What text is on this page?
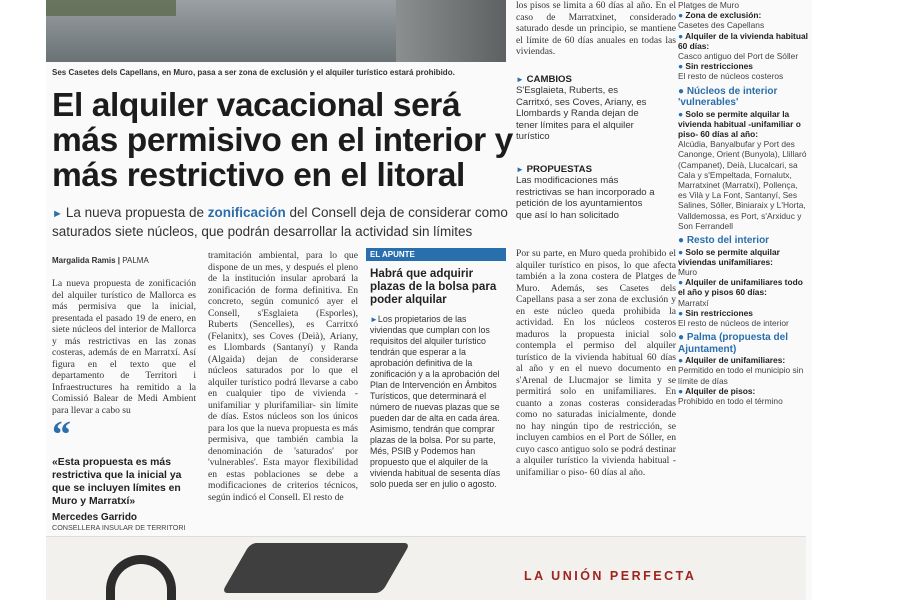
Ses Casetes dels Capellans, en Muro, pasa a ser zona de exclusión y el alquiler turístico estará prohibido.
El alquiler vacacional será más permisivo en el interior y más restrictivo en el litoral
► La nueva propuesta de zonificación del Consell deja de considerar como saturados siete núcleos, que podrán desarrollar la actividad sin límites
Margalida Ramis | PALMA
La nueva propuesta de zonificación del alquiler turístico de Mallorca es más permisiva que la inicial, presentada el pasado 19 de enero, en siete núcleos del interior de Mallorca y más restrictivas en las zonas costeras, además de en Marratxí. Así figura en el texto que el departamento de Territori i Infraestructures ha remitido a la Comissió Balear de Medi Ambient para llevar a cabo su
“
«Esta propuesta es más restrictiva que la inicial ya que se incluyen límites en Muro y Marratxí»
Mercedes Garrido
CONSELLERA INSULAR DE TERRITORI
tramitación ambiental, para lo que dispone de un mes, y después el pleno de la institución insular aprobará la zonificación de forma definitiva. En concreto, según comunicó ayer el Consell, s'Esglaieta (Esporles), Ruberts (Sencelles), es Carritxó (Felanitx), ses Coves (Deià), Ariany, es Llombards (Santanyí) y Randa (Algaida) dejan de considerarse núcleos saturados por lo que el alquiler turístico podrá llevarse a cabo en cualquier tipo de vivienda -unifamiliar y plurifamiliar- sin límite de días. Estos núcleos son los únicos para los que la nueva propuesta es más permisiva, que también cambia la denominación de 'saturados' por 'vulnerables'. Esta mayor flexibilidad en estas poblaciones se debe a modificaciones de criterios técnicos, según indicó el Consell. El resto de
EL APUNTE
Habrá que adquirir plazas de la bolsa para poder alquilar
►Los propietarios de las viviendas que cumplan con los requisitos del alquiler turístico tendrán que esperar a la aprobación definitiva de la zonificación y a la aprobación del Plan de Intervención en Ámbitos Turísticos, que determinará el número de nuevas plazas que se pueden dar de alta en cada área. Asimismo, tendrán que comprar plazas de la bolsa. Por su parte, Més, PSIB y Podemos han propuesto que el alquiler de la vivienda habitual de sesenta días solo pueda ser en julio o agosto.
los pisos se limita a 60 días al año. En el caso de Marratxinet, considerado saturado desde un principio, se mantiene el límite de 60 días anuales en todas las viviendas.
► CAMBIOS
S'Esglaieta, Ruberts, es Carritxó, ses Coves, Ariany, es Llombards y Randa dejan de tener límites para el alquiler turístico
► PROPUESTAS
Las modificaciones más restrictivas se han incorporado a petición de los ayuntamientos que así lo han solicitado
Por su parte, en Muro queda prohibido el alquiler turístico en pisos, lo que afecta también a la zona costera de Platges de Muro. Además, ses Casetes dels Capellans pasa a ser zona de exclusión y en este núcleo queda prohibida la actividad. En los núcleos costeros maduros la propuesta inicial solo contempla el permiso del alquiler turístico de la vivienda habitual 60 días al año y en el nuevo documento en s'Arenal de Llucmajor se limita y se permitirá solo en unifamiliares. En cuanto a zonas costeras consideradas como no saturadas inicialmente, donde no hay ningún tipo de restricción, se incluyen cambios en el Port de Sóller, en cuyo casco antiguo solo se podrá destinar a alquiler turístico la vivienda habitual -unifamiliar o piso- 60 días al año.
Platges de Muro
● Zona de exclusión:
Casetes des Capellans
● Alquiler de la vivienda habitual 60 días:
Casco antiguo del Port de Sóller
● Sin restricciones
El resto de núcleos costeros
● Núcleos de interior 'vulnerables'
● Solo se permite alquilar la vivienda habitual -unifamiliar o piso- 60 días al año:
Alcúdia, Banyalbufar y Port des Canonge, Orient (Bunyola), Llillaró (Campanet), Deià, Llucalcari, sa Cala y s'Empeltada, Fornalutx, Marratxinet (Marratxí), Pollença, es Vilà y La Font, Santanyí, Ses Salines, Sóller, Biniaraix y L'Horta, Valldemossa, es Port, s'Arxiduc y Son Ferrandell
● Resto del interior
● Solo se permite alquilar viviendas unifamiliares:
Muro
● Alquiler de unifamiliares todo el año y pisos 60 días:
Marratxí
● Sin restricciones
El resto de núcleos de interior
● Palma (propuesta del Ajuntament)
● Alquiler de unifamiliares:
Permitido en todo el municipio sin límite de días
● Alquiler de pisos:
Prohibido en todo el término
LA UNIÓN PERFECTA
